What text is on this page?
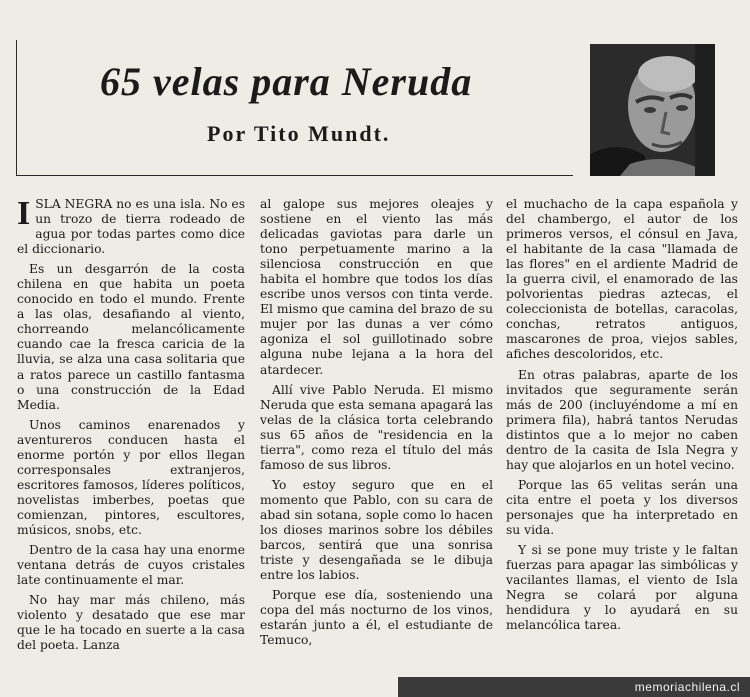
65 velas para Neruda
Por Tito Mundt.

ISLA NEGRA no es una isla. No es un trozo de tierra rodeado de agua por todas partes como dice el diccionario.

Es un desgarrón de la costa chilena en que habita un poeta conocido en todo el mundo. Frente a las olas, desafiando al viento, chorreando melancólicamente cuando cae la fresca caricia de la lluvia, se alza una casa solitaria que a ratos parece un castillo fantasma o una construcción de la Edad Media.

Unos caminos enarenados y aventureros conducen hasta el enorme portón y por ellos llegan corresponsales extranjeros, escritores famosos, líderes políticos, novelistas imberbes, poetas que comienzan, pintores, escultores, músicos, snobs, etc.

Dentro de la casa hay una enorme ventana detrás de cuyos cristales late continuamente el mar.

No hay mar más chileno, más violento y desatado que ese mar que le ha tocado en suerte a la casa del poeta. Lanza

al galope sus mejores oleajes y sostiene en el viento las más delicadas gaviotas para darle un tono perpetuamente marino a la silenciosa construcción en que habita el hombre que todos los días escribe unos versos con tinta verde. El mismo que camina del brazo de su mujer por las dunas a ver cómo agoniza el sol guillotinado sobre alguna nube lejana a la hora del atardecer.

Allí vive Pablo Neruda. El mismo Neruda que esta semana apagará las velas de la clásica torta celebrando sus 65 años de "residencia en la tierra", como reza el título del más famoso de sus libros.

Yo estoy seguro que en el momento que Pablo, con su cara de abad sin sotana, sople como lo hacen los dioses marinos sobre los débiles barcos, sentirá que una sonrisa triste y desengañada se le dibuja entre los labios.

Porque ese día, sosteniendo una copa del más nocturno de los vinos, estarán junto a él, el estudiante de Temuco,

el muchacho de la capa española y del chambergo, el autor de los primeros versos, el cónsul en Java, el habitante de la casa "llamada de las flores" en el ardiente Madrid de la guerra civil, el enamorado de las polvorientas piedras aztecas, el coleccionista de botellas, caracolas, conchas, retratos antiguos, mascarones de proa, viejos sables, afiches descoloridos, etc.

En otras palabras, aparte de los invitados que seguramente serán más de 200 (incluyéndome a mí en primera fila), habrá tantos Nerudas distintos que a lo mejor no caben dentro de la casita de Isla Negra y hay que alojarlos en un hotel vecino.

Porque las 65 velitas serán una cita entre el poeta y los diversos personajes que ha interpretado en su vida.

Y si se pone muy triste y le faltan fuerzas para apagar las simbólicas y vacilantes llamas, el viento de Isla Negra se colará por alguna hendidura y lo ayudará en su melancólica tarea.

memoriachilena.cl
